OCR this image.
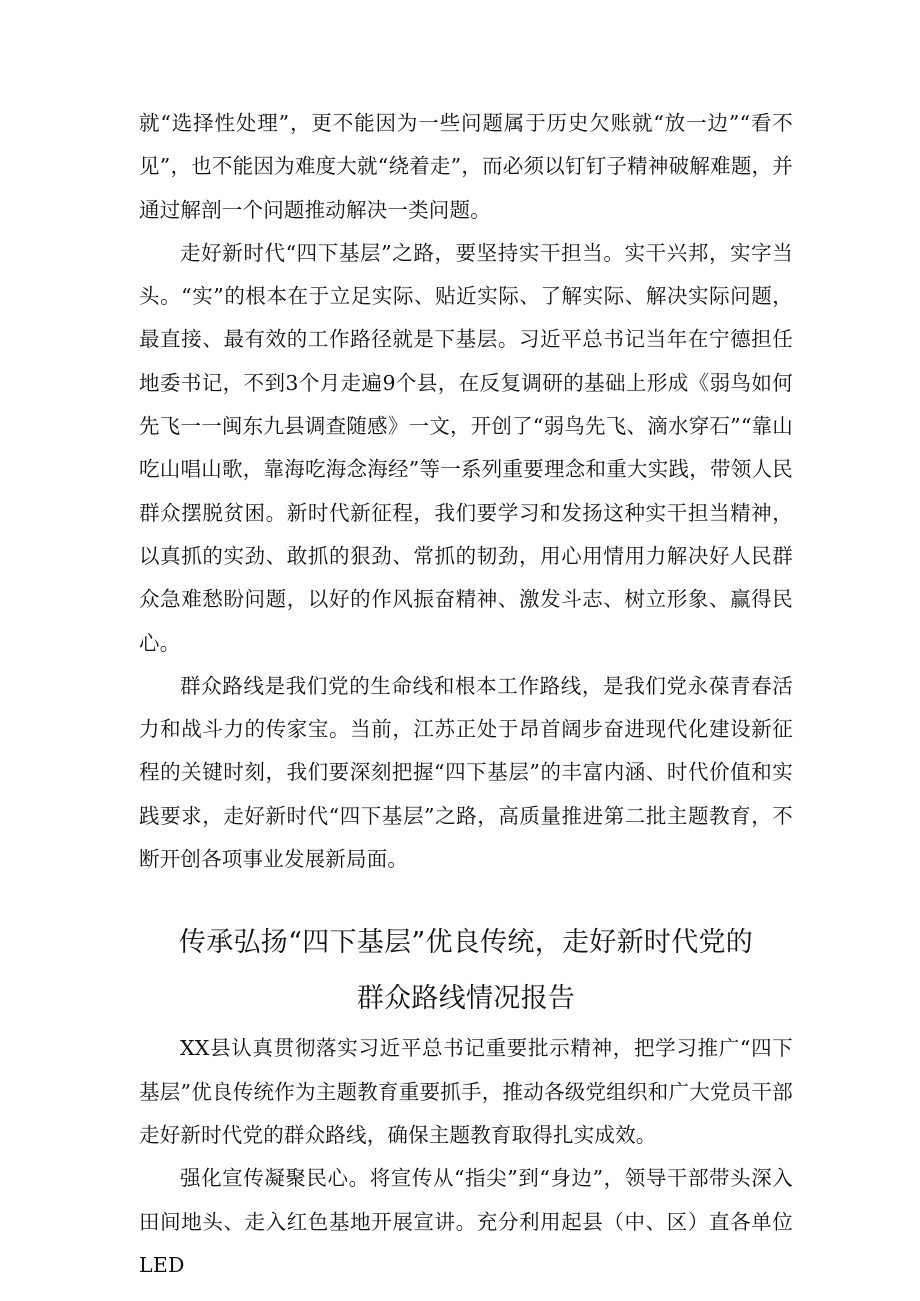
就“选择性处理”，更不能因为一些问题属于历史欠账就“放一边”“看不见”，也不能因为难度大就“绕着走”，而必须以钉钉子精神破解难题，并通过解剖一个问题推动解决一类问题。

走好新时代“四下基层”之路，要坚持实干担当。实干兴邦，实字当头。“实”的根本在于立足实际、贴近实际、了解实际、解决实际问题，最直接、最有效的工作路径就是下基层。习近平总书记当年在宁德担任地委书记，不到3个月走遍9个县，在反复调研的基础上形成《弱鸟如何先飞一一闽东九县调查随感》一文，开创了“弱鸟先飞、滴水穿石”“靠山吃山唱山歌，靠海吃海念海经”等一系列重要理念和重大实践，带领人民群众摆脱贫困。新时代新征程，我们要学习和发扬这种实干担当精神，以真抓的实劲、敢抓的狠劲、常抓的韧劲，用心用情用力解决好人民群众急难愁盼问题，以好的作风振奋精神、激发斗志、树立形象、赢得民心。

群众路线是我们党的生命线和根本工作路线，是我们党永葆青春活力和战斗力的传家宝。当前，江苏正处于昂首阔步奋进现代化建设新征程的关键时刻，我们要深刻把握“四下基层”的丰富内涵、时代价值和实践要求，走好新时代“四下基层”之路，高质量推进第二批主题教育，不断开创各项事业发展新局面。

传承弘扬“四下基层”优良传统，走好新时代党的
群众路线情况报告

XX县认真贯彻落实习近平总书记重要批示精神，把学习推广“四下基层”优良传统作为主题教育重要抓手，推动各级党组织和广大党员干部走好新时代党的群众路线，确保主题教育取得扎实成效。

强化宣传凝聚民心。将宣传从“指尖”到“身边”，领导干部带头深入田间地头、走入红色基地开展宣讲。充分利用起县（中、区）直各单位LED
